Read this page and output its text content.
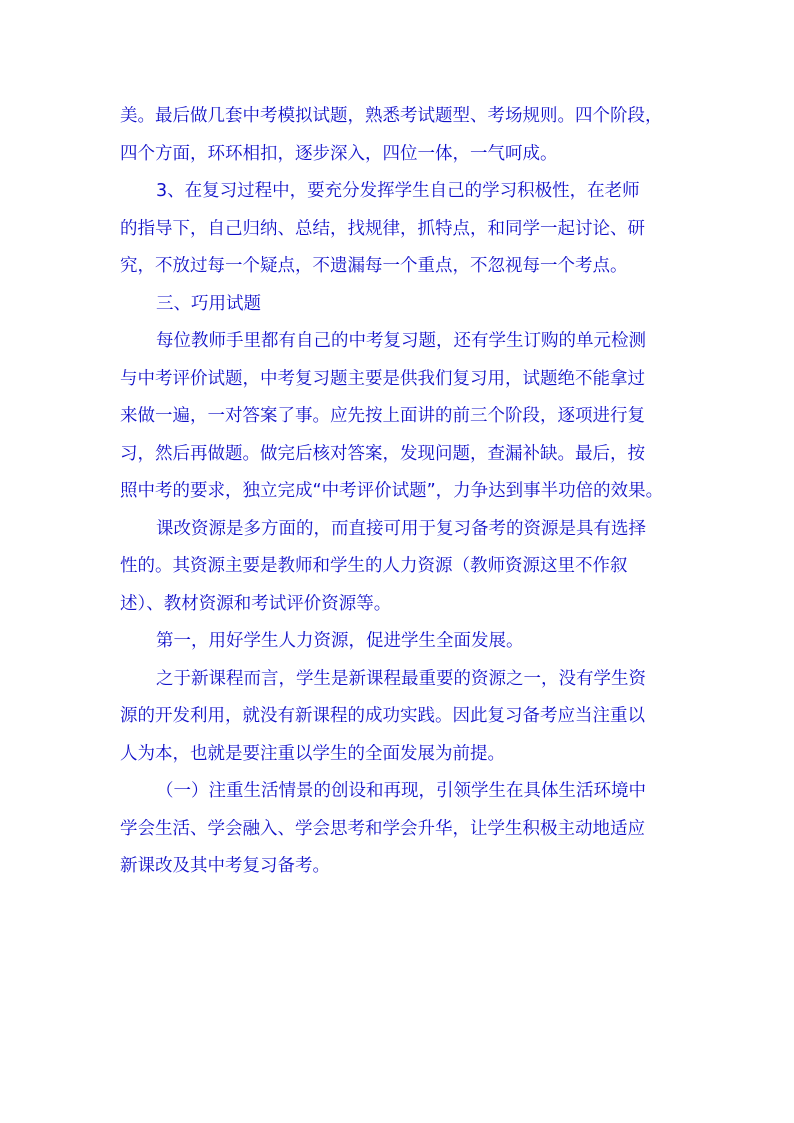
美。最后做几套中考模拟试题，熟悉考试题型、考场规则。四个阶段，
四个方面，环环相扣，逐步深入，四位一体，一气呵成。
3、在复习过程中，要充分发挥学生自己的学习积极性，在老师
的指导下，自己归纳、总结，找规律，抓特点，和同学一起讨论、研
究，不放过每一个疑点，不遗漏每一个重点，不忽视每一个考点。
三、巧用试题
每位教师手里都有自己的中考复习题，还有学生订购的单元检测
与中考评价试题，中考复习题主要是供我们复习用，试题绝不能拿过
来做一遍，一对答案了事。应先按上面讲的前三个阶段，逐项进行复
习，然后再做题。做完后核对答案，发现问题，查漏补缺。最后，按
照中考的要求，独立完成“中考评价试题”，力争达到事半功倍的效果。
课改资源是多方面的，而直接可用于复习备考的资源是具有选择
性的。其资源主要是教师和学生的人力资源（教师资源这里不作叙
述）、教材资源和考试评价资源等。
第一，用好学生人力资源，促进学生全面发展。
之于新课程而言，学生是新课程最重要的资源之一，没有学生资
源的开发利用，就没有新课程的成功实践。因此复习备考应当注重以
人为本，也就是要注重以学生的全面发展为前提。
（一）注重生活情景的创设和再现，引领学生在具体生活环境中
学会生活、学会融入、学会思考和学会升华，让学生积极主动地适应
新课改及其中考复习备考。
